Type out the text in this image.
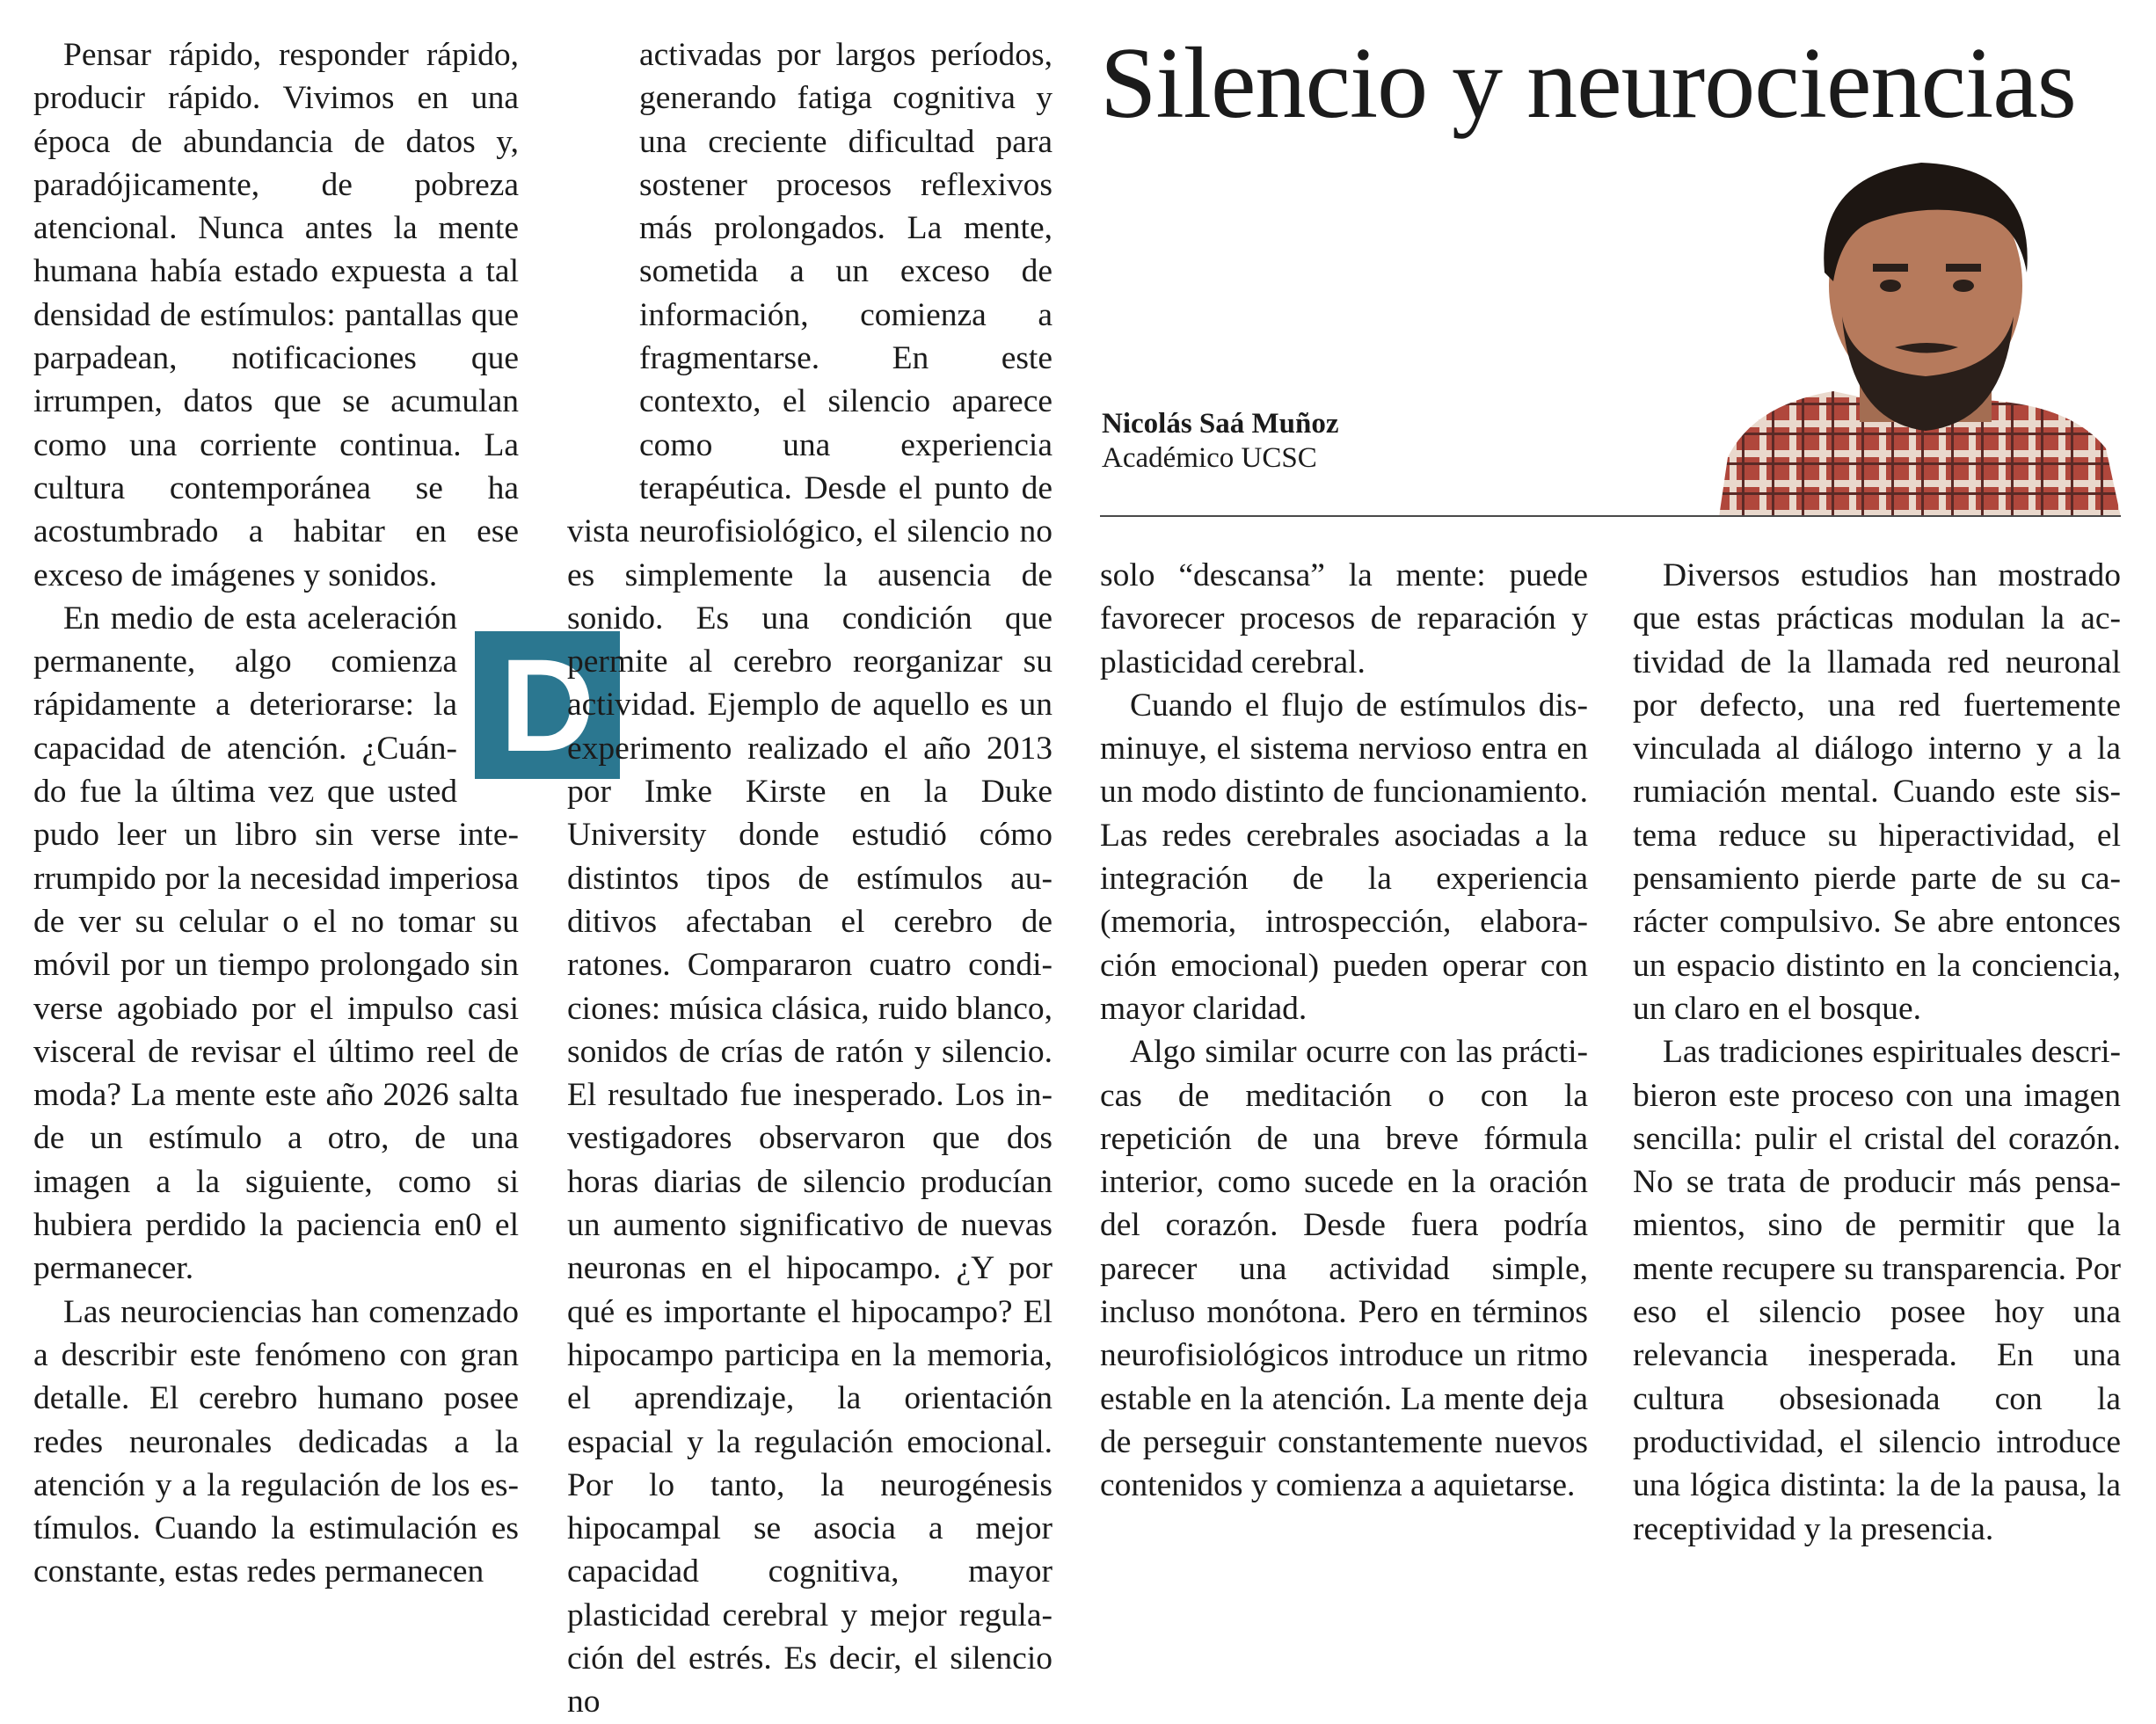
Silencio y neurociencias
Nicolás Saá Muñoz
Académico UCSC
D

Pensar rápido, responder rápido, producir rápido. Vivimos en una época de abundancia de datos y, paradójicamente, de pobreza atencional. Nunca antes la mente humana había estado expuesta a tal densidad de estímulos: pantallas que parpadean, notificaciones que irrumpen, datos que se acumulan como una corriente continua. La cultura contemporánea se ha acostumbrado a habitar en ese exceso de imágenes y sonidos.

En medio de esta aceleración permanente, algo comienza rápidamente a deteriorarse: la capacidad de atención. ¿Cuándo fue la última vez que usted pudo leer un libro sin verse interrumpido por la necesidad imperiosa de ver su celular o el no tomar su móvil por un tiempo prolongado sin verse agobiado por el impulso casi visceral de revisar el último reel de moda? La mente este año 2026 salta de un estímulo a otro, de una imagen a la siguiente, como si hubiera perdido la paciencia en0 el permanecer.

Las neurociencias han comenzado a describir este fenómeno con gran detalle. El cerebro humano posee redes neuronales dedicadas a la atención y a la regulación de los estímulos. Cuando la estimulación es constante, estas redes permanecen

activadas por largos períodos, generando fatiga cognitiva y una creciente dificultad para sostener procesos reflexivos más prolongados. La mente, sometida a un exceso de información, comienza a fragmentarse. En este contexto, el silencio aparece como una experiencia terapéutica. Desde el punto de vista neurofisiológico, el silencio no es simplemente la ausencia de sonido. Es una condición que permite al cerebro reorganizar su actividad. Ejemplo de aquello es un experimento realizado el año 2013 por Imke Kirste en la Duke University donde estudió cómo distintos tipos de estímulos auditivos afectaban el cerebro de ratones. Compararon cuatro condiciones: música clásica, ruido blanco, sonidos de crías de ratón y silencio. El resultado fue inesperado. Los investigadores observaron que dos horas diarias de silencio producían un aumento significativo de nuevas neuronas en el hipocampo. ¿Y por qué es importante el hipocampo? El hipocampo participa en la memoria, el aprendizaje, la orientación espacial y la regulación emocional. Por lo tanto, la neurogénesis hipocampal se asocia a mejor capacidad cognitiva, mayor plasticidad cerebral y mejor regulación del estrés. Es decir, el silencio no

solo “descansa” la mente: puede favorecer procesos de reparación y plasticidad cerebral.

Cuando el flujo de estímulos disminuye, el sistema nervioso entra en un modo distinto de funcionamiento. Las redes cerebrales asociadas a la integración de la experiencia (memoria, introspección, elaboración emocional) pueden operar con mayor claridad.

Algo similar ocurre con las prácticas de meditación o con la repetición de una breve fórmula interior, como sucede en la oración del corazón. Desde fuera podría parecer una actividad simple, incluso monótona. Pero en términos neurofisiológicos introduce un ritmo estable en la atención. La mente deja de perseguir constantemente nuevos contenidos y comienza a aquietarse.

Diversos estudios han mostrado que estas prácticas modulan la actividad de la llamada red neuronal por defecto, una red fuertemente vinculada al diálogo interno y a la rumiación mental. Cuando este sistema reduce su hiperactividad, el pensamiento pierde parte de su carácter compulsivo. Se abre entonces un espacio distinto en la conciencia, un claro en el bosque.

Las tradiciones espirituales describieron este proceso con una imagen sencilla: pulir el cristal del corazón. No se trata de producir más pensamientos, sino de permitir que la mente recupere su transparencia. Por eso el silencio posee hoy una relevancia inesperada. En una cultura obsesionada con la productividad, el silencio introduce una lógica distinta: la de la pausa, la receptividad y la presencia.
